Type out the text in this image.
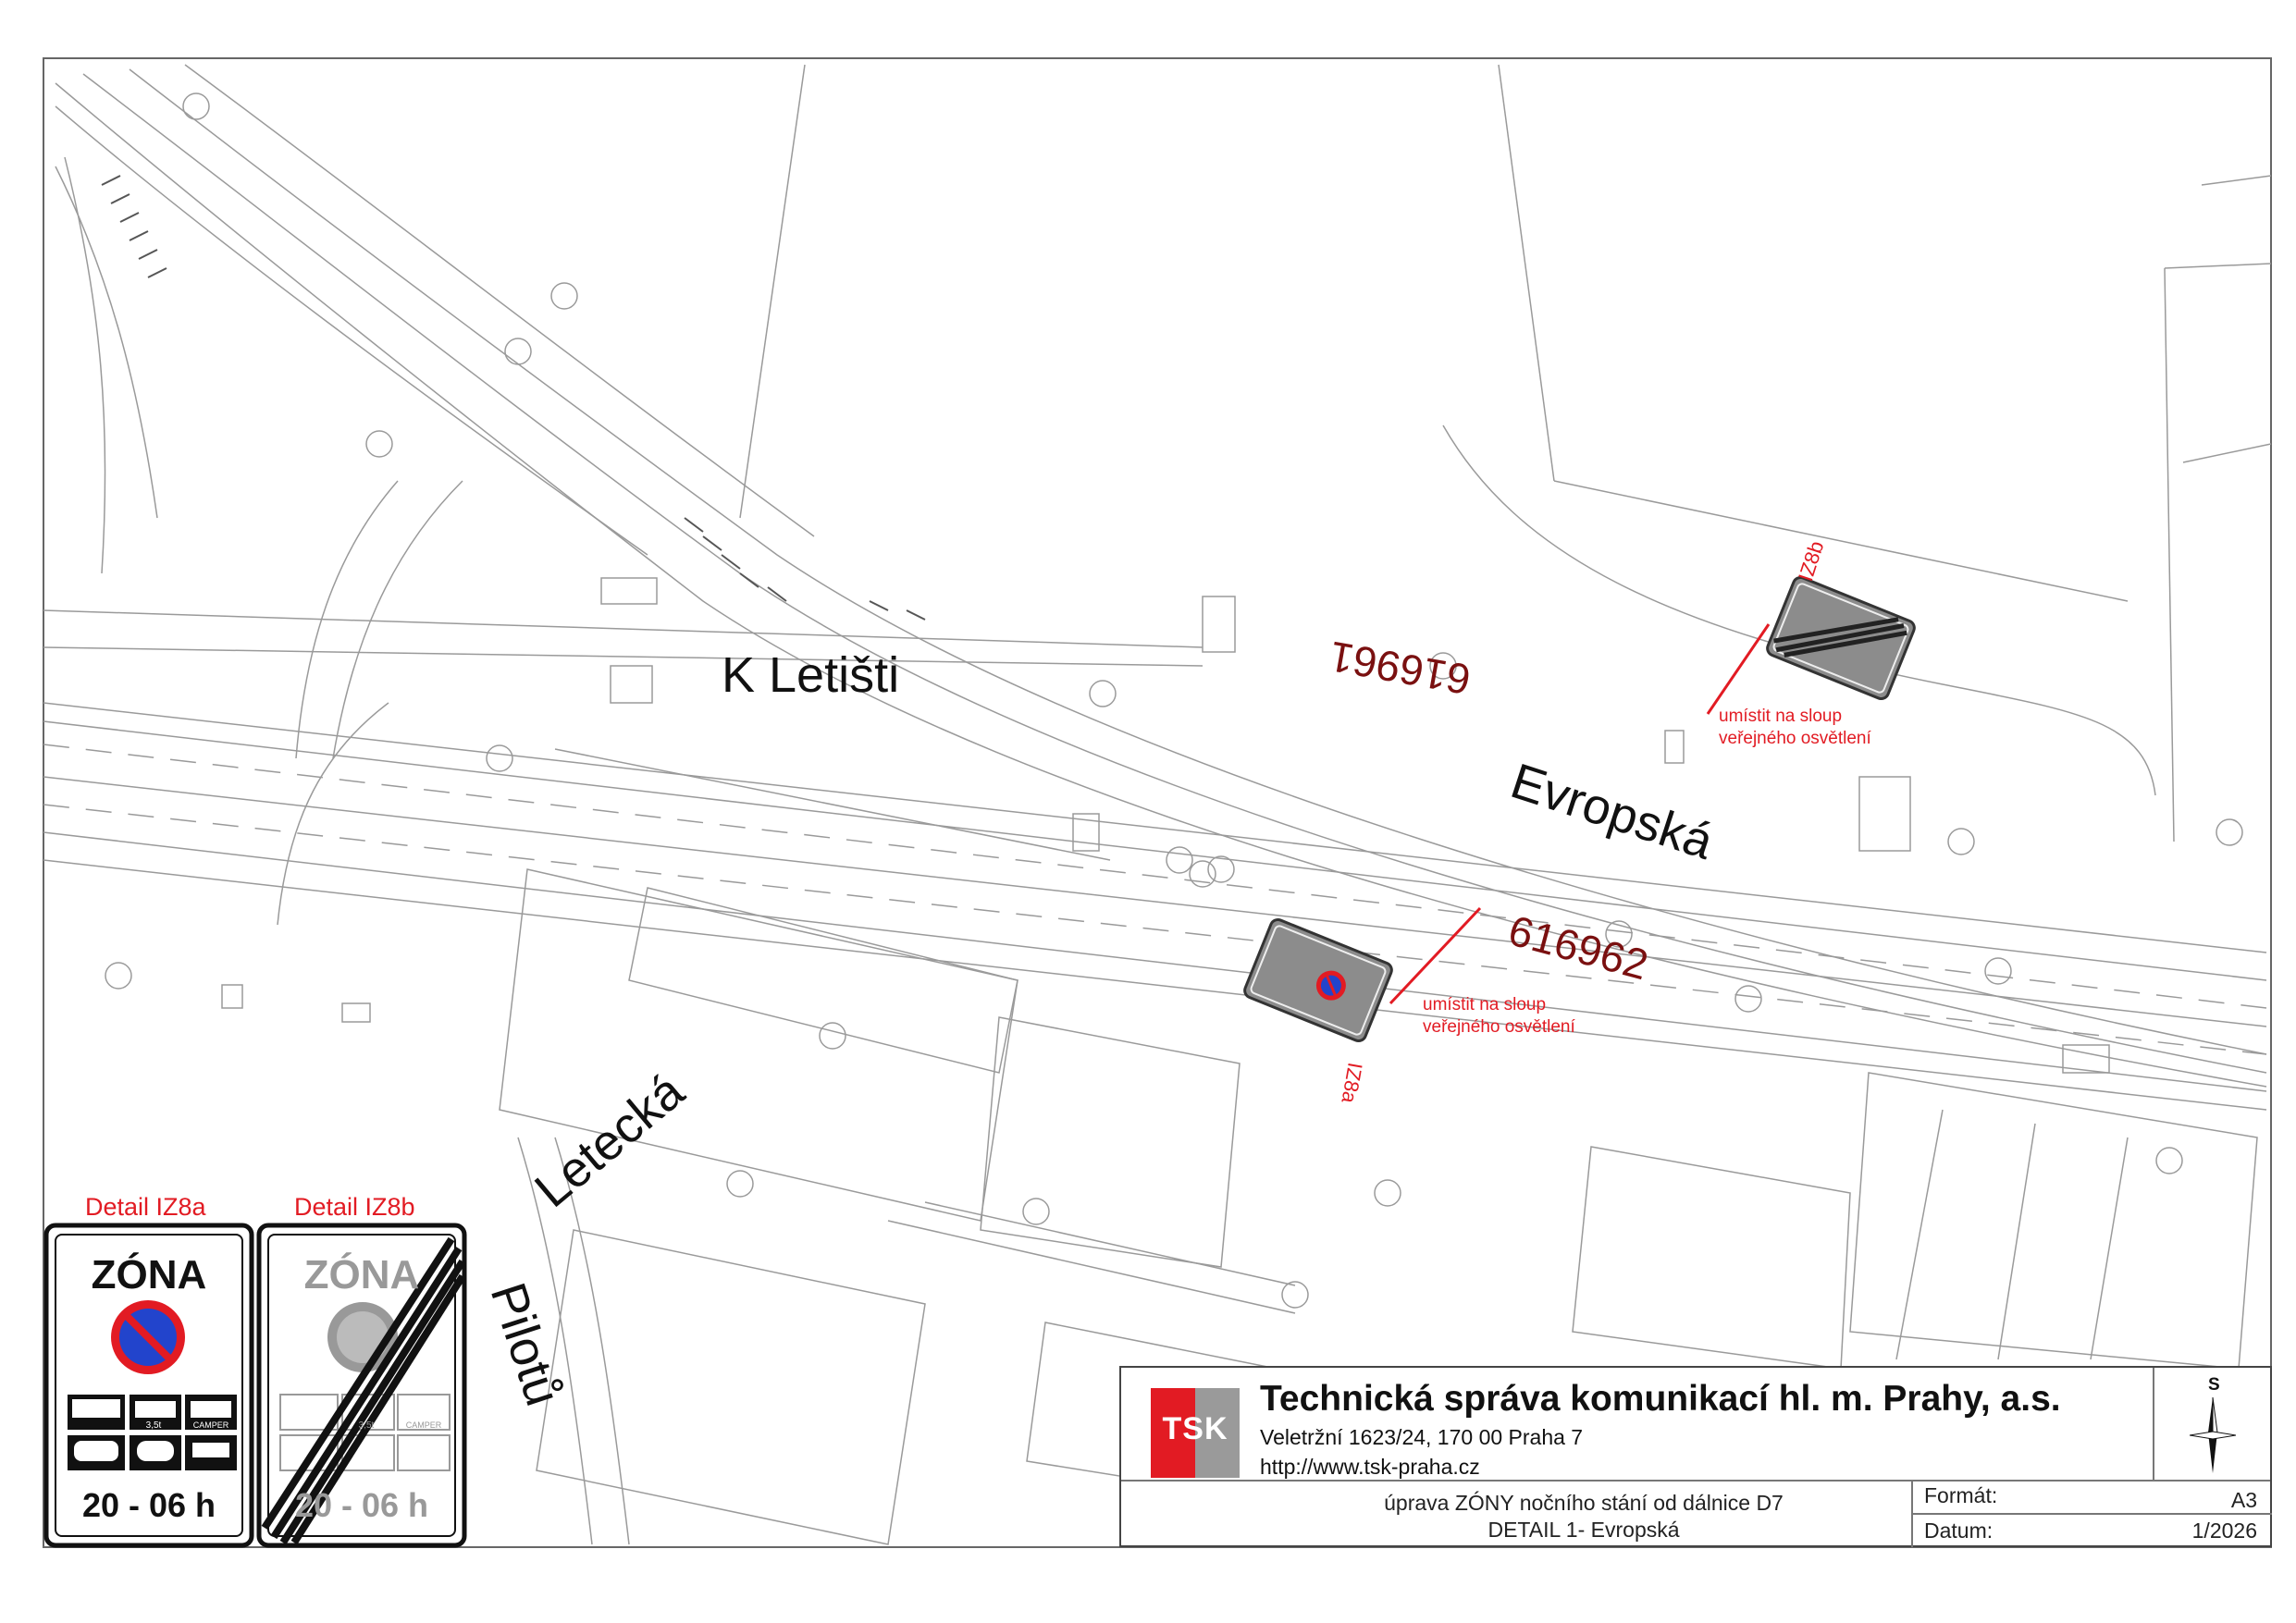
K Letišti
Evropská
Letecká
Pilotů
616961
616962
umístit na sloup
veřejného osvětlení
umístit na sloup
veřejného osvětlení
IZ8b
IZ8a
Detail IZ8a
ZÓNA
20 - 06 h
3,5t	CAMPER
Detail IZ8b
ZÓNA
20 - 06 h
3,5t	CAMPER	TSK
Technická správa komunikací hl. m. Prahy, a.s.
Veletržní 1623/24, 170 00 Praha 7
http://www.tsk-praha.cz
úprava ZÓNY nočního stání od dálnice D7
DETAIL 1- Evropská
Formát:	A3
Datum:	1/2026
S
